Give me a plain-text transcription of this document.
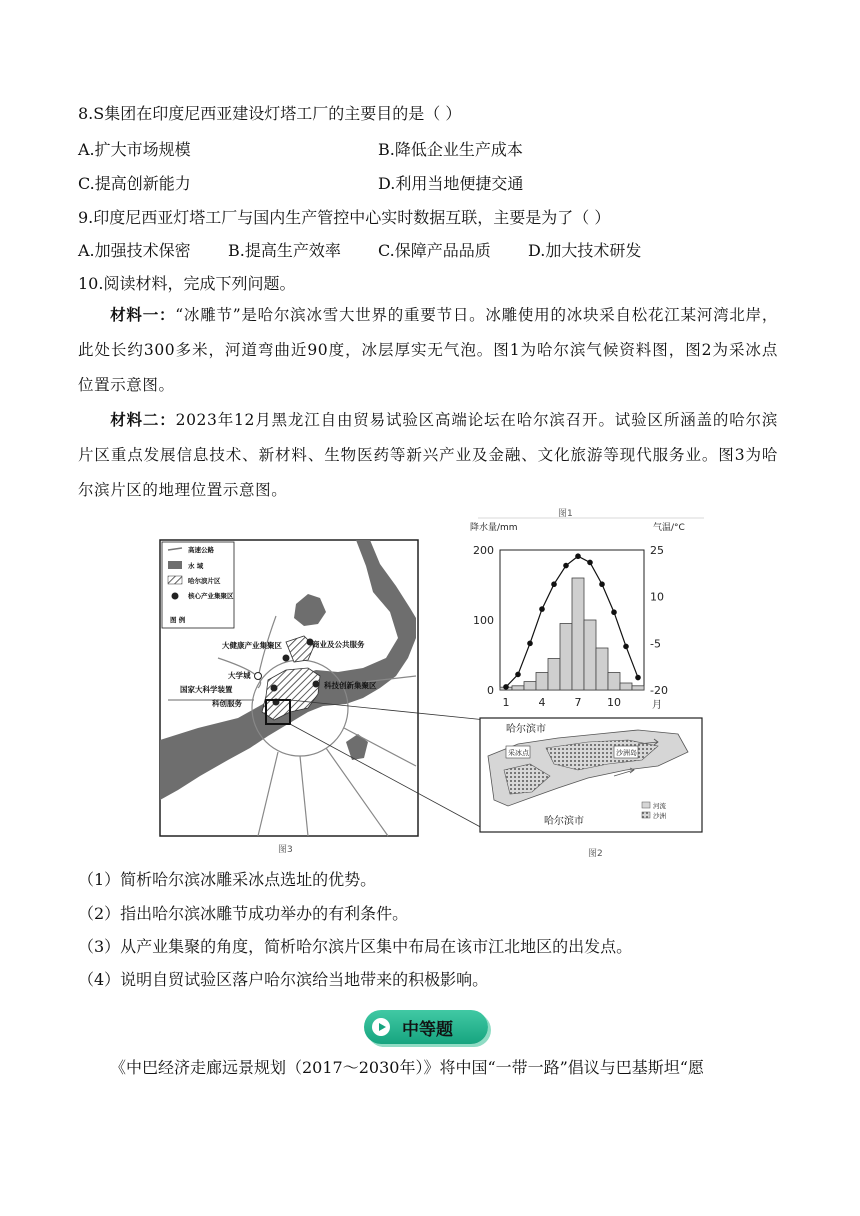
8.S集团在印度尼西亚建设灯塔工厂的主要目的是（ ）
A.扩大市场规模	B.降低企业生产成本
C.提高创新能力	D.利用当地便捷交通
9.印度尼西亚灯塔工厂与国内生产管控中心实时数据互联，主要是为了（ ）
A.加强技术保密 B.提高生产效率 C.保障产品品质 D.加大技术研发
10.阅读材料，完成下列问题。
材料一：“冰雕节”是哈尔滨冰雪大世界的重要节日。冰雕使用的冰块采自松花江某河湾北岸，此处长约300多米，河道弯曲近90度，冰层厚实无气泡。图1为哈尔滨气候资料图，图2为采冰点位置示意图。
材料二：2023年12月黑龙江自由贸易试验区高端论坛在哈尔滨召开。试验区所涵盖的哈尔滨片区重点发展信息技术、新材料、生物医药等新兴产业及金融、文化旅游等现代服务业。图3为哈尔滨片区的地理位置示意图。
大健康产业集聚区	商业及公共服务
大学城
国家大科学装置	科技创新集聚区
科创服务
高速公路
水 域
哈尔滨片区
核心产业集聚区
图 例
图3
图1
降水量/mm	气温/°C
200
100
0
25
10
-5
-20
1	4	7 10	月
采冰点	沙洲岛
哈尔滨市
哈尔滨市
河流
沙洲
图2
（1）简析哈尔滨冰雕采冰点选址的优势。
（2）指出哈尔滨冰雕节成功举办的有利条件。
（3）从产业集聚的角度，简析哈尔滨片区集中布局在该市江北地区的出发点。
（4）说明自贸试验区落户哈尔滨给当地带来的积极影响。
中等题
《中巴经济走廊远景规划（2017～2030年）》将中国“一带一路”倡议与巴基斯坦“愿
